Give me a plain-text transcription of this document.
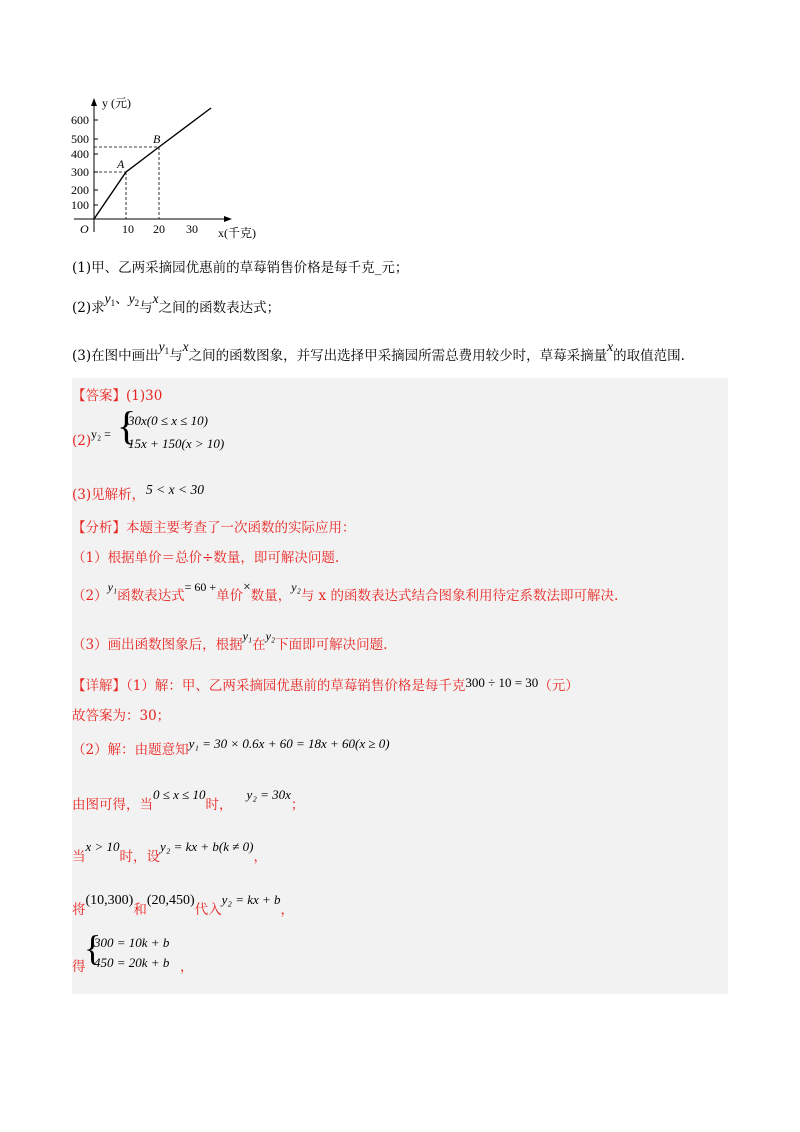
600
500
400
300
200
100
10 20 30
O
y (元)
x(千克)
A
B
(1)甲、乙两采摘园优惠前的草莓销售价格是每千克_元；
(2)求$y_1$、$y_2$与x之间的函数表达式；
(3)在图中画出$y_1$与x之间的函数图象，并写出选择甲采摘园所需总费用较少时，草莓采摘量x的取值范围.
【答案】(1)30
(2) y₂ = {
30x(0 ≤ x ≤ 10)
15x + 150(x > 10)
(3)见解析， 5 < x < 30
【分析】本题主要考查了一次函数的实际应用：
（1）根据单价＝总价÷数量，即可解决问题.
（2）y₁函数表达式= 60 +单价×数量，y₂与 x 的函数表达式结合图象利用待定系数法即可解决.
（3）画出函数图象后，根据y₁在y₂下面即可解决问题.
【详解】（1）解：甲、乙两采摘园优惠前的草莓销售价格是每千克300 ÷ 10 = 30（元）
故答案为：30；
（2）解：由题意知y₁ = 30 × 0.6x + 60 = 18x + 60(x ≥ 0)
由图可得，当0 ≤ x ≤ 10时，y₂ = 30x；
当x > 10时，设y₂ = kx + b(k ≠ 0)，
将(10,300)和(20,450)代入y₂ = kx + b，
得
{
300 = 10k + b
450 = 20k + b ，
